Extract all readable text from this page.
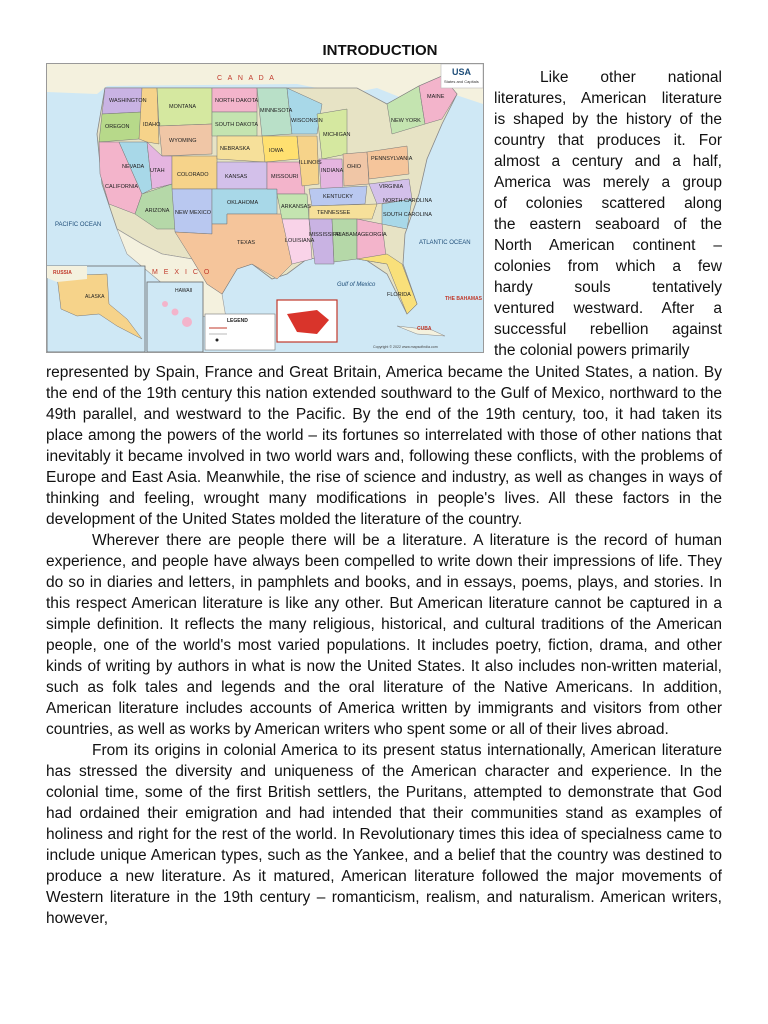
INTRODUCTION
C A N A D A
M E X I C O
PACIFIC OCEAN
ATLANTIC OCEAN
Gulf of Mexico
WASHINGTON
OREGON
CALIFORNIA
NEVADA
IDAHO
MONTANA
WYOMING
UTAH
ARIZONA
COLORADO
NEW MEXICO
NORTH DAKOTA
SOUTH DAKOTA
NEBRASKA
KANSAS
OKLAHOMA
TEXAS
MINNESOTA
IOWA
MISSOURI
ARKANSAS
LOUISIANA
WISCONSIN
ILLINOIS
MICHIGAN
INDIANA
OHIO
KENTUCKY
TENNESSEE
MISSISSIPPI
ALABAMA GEORGIA
FLORIDA
SOUTH CAROLINA
NORTH CAROLINA
VIRGINIA
PENNSYLVANIA
NEW YORK
MAINE
USA
States and Capitals
RUSSIA
ALASKA
HAWAII
LEGEND
CUBA
THE BAHAMAS
Copyright © 2022 www.mapsofindia.com
Like other national
literatures, American literature
is shaped by the history of the
country that produces it. For
almost a century and a half,
America was merely a group
of colonies scattered along
the eastern seaboard of the
North American continent –
colonies from which a few
hardy souls tentatively
ventured westward. After a
successful rebellion against
the colonial powers primarily

represented by Spain, France and Great Britain, America became the United States, a nation. By the end of the 19th century this nation extended southward to the Gulf of Mexico, northward to the 49th parallel, and westward to the Pacific. By the end of the 19th century, too, it had taken its place among the powers of the world – its fortunes so interrelated with those of other nations that inevitably it became involved in two world wars and, following these conflicts, with the problems of Europe and East Asia. Meanwhile, the rise of science and industry, as well as changes in ways of thinking and feeling, wrought many modifications in people's lives. All these factors in the development of the United States molded the literature of the country.

Wherever there are people there will be a literature. A literature is the record of human experience, and people have always been compelled to write down their impressions of life. They do so in diaries and letters, in pamphlets and books, and in essays, poems, plays, and stories. In this respect American literature is like any other. But American literature cannot be captured in a simple definition. It reflects the many religious, historical, and cultural traditions of the American people, one of the world's most varied populations. It includes poetry, fiction, drama, and other kinds of writing by authors in what is now the United States. It also includes non-written material, such as folk tales and legends and the oral literature of the Native Americans. In addition, American literature includes accounts of America written by immigrants and visitors from other countries, as well as works by American writers who spent some or all of their lives abroad.

From its origins in colonial America to its present status internationally, American literature has stressed the diversity and uniqueness of the American character and experience. In the colonial time, some of the first British settlers, the Puritans, attempted to demonstrate that God had ordained their emigration and had intended that their communities stand as examples of holiness and right for the rest of the world. In Revolutionary times this idea of specialness came to include unique American types, such as the Yankee, and a belief that the country was destined to produce a new literature. As it matured, American literature followed the major movements of Western literature in the 19th century – romanticism, realism, and naturalism. American writers, however,
